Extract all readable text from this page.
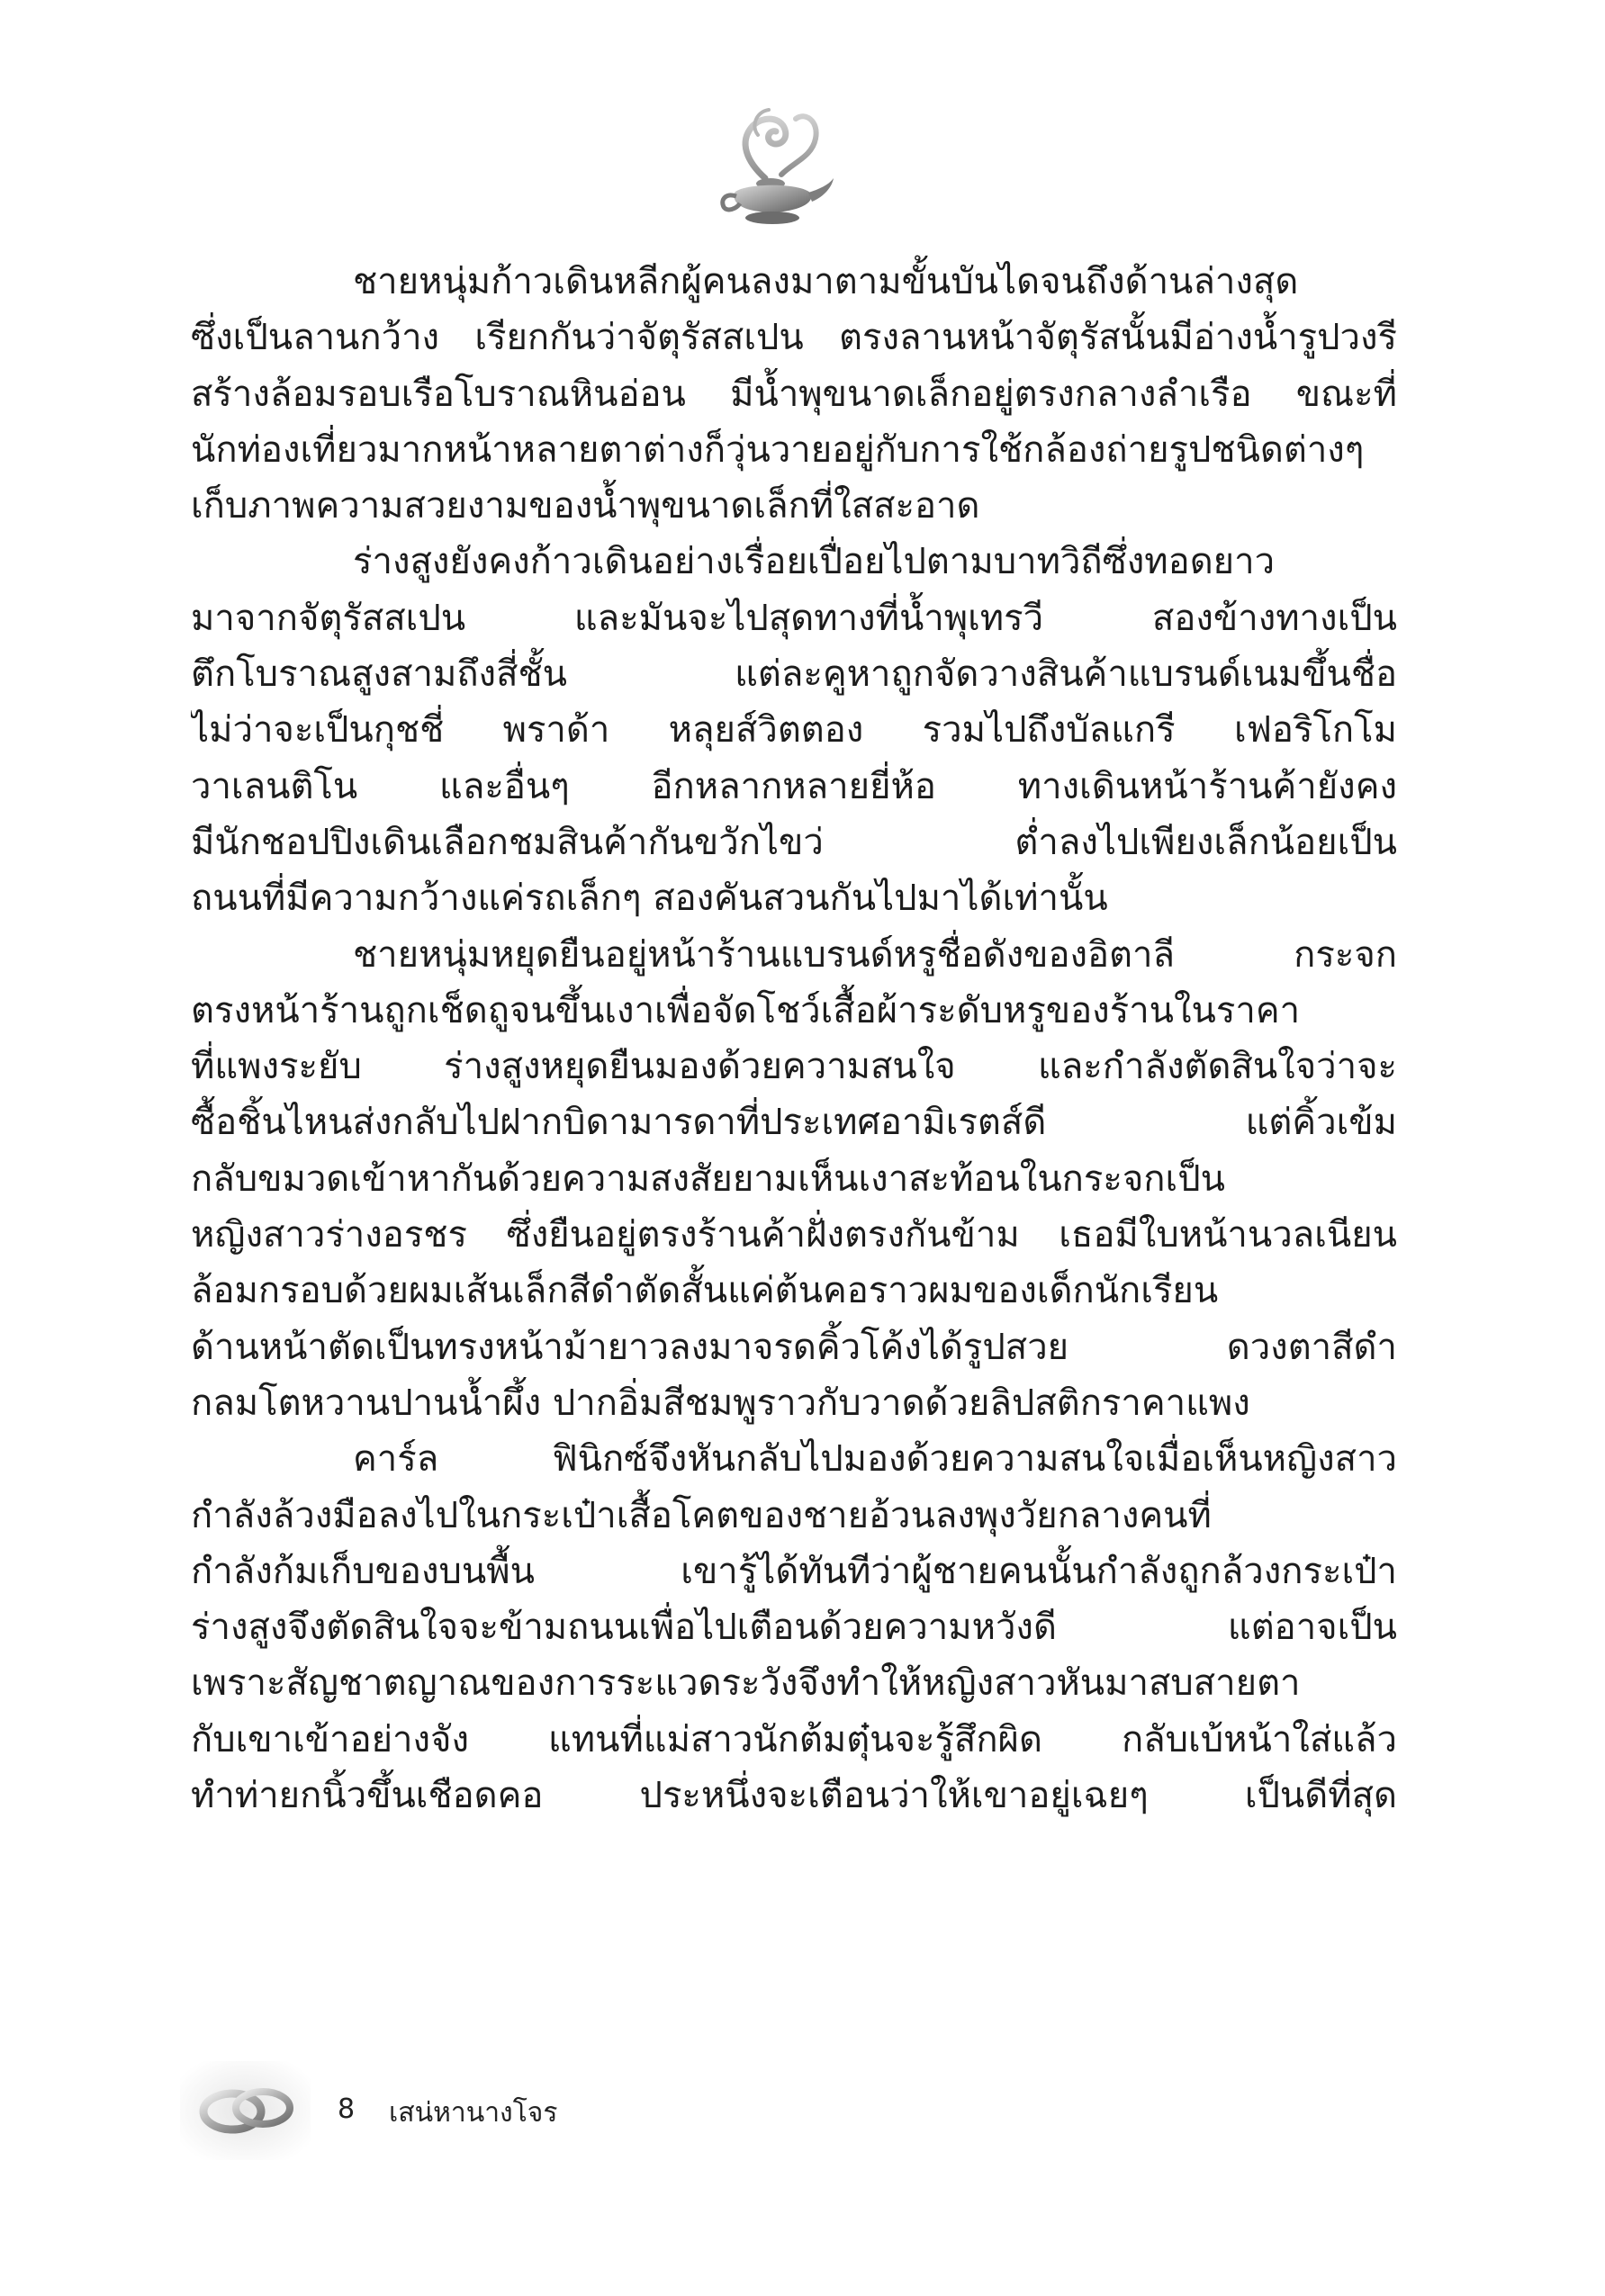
ชายหนุ่มก้าวเดินหลีกผู้คนลงมาตามขั้นบันไดจนถึงด้านล่างสุด
ซึ่งเป็นลานกว้าง เรียกกันว่าจัตุรัสสเปน ตรงลานหน้าจัตุรัสนั้นมีอ่างน้ำรูปวงรี
สร้างล้อมรอบเรือโบราณหินอ่อน มีน้ำพุขนาดเล็กอยู่ตรงกลางลำเรือ ขณะที่
นักท่องเที่ยวมากหน้าหลายตาต่างก็วุ่นวายอยู่กับการใช้กล้องถ่ายรูปชนิดต่างๆ
เก็บภาพความสวยงามของน้ำพุขนาดเล็กที่ใสสะอาด
ร่างสูงยังคงก้าวเดินอย่างเรื่อยเปื่อยไปตามบาทวิถีซึ่งทอดยาว
มาจากจัตุรัสสเปน และมันจะไปสุดทางที่น้ำพุเทรวี สองข้างทางเป็น
ตึกโบราณสูงสามถึงสี่ชั้น แต่ละคูหาถูกจัดวางสินค้าแบรนด์เนมขึ้นชื่อ
ไม่ว่าจะเป็นกุชชี่ พราด้า หลุยส์วิตตอง รวมไปถึงบัลแกรี เฟอริโกโม
วาเลนติโน และอื่นๆ อีกหลากหลายยี่ห้อ ทางเดินหน้าร้านค้ายังคง
มีนักชอปปิงเดินเลือกชมสินค้ากันขวักไขว่ ต่ำลงไปเพียงเล็กน้อยเป็น
ถนนที่มีความกว้างแค่รถเล็กๆ สองคันสวนกันไปมาได้เท่านั้น
ชายหนุ่มหยุดยืนอยู่หน้าร้านแบรนด์หรูชื่อดังของอิตาลี กระจก
ตรงหน้าร้านถูกเช็ดถูจนขึ้นเงาเพื่อจัดโชว์เสื้อผ้าระดับหรูของร้านในราคา
ที่แพงระยับ ร่างสูงหยุดยืนมองด้วยความสนใจ และกำลังตัดสินใจว่าจะ
ซื้อชิ้นไหนส่งกลับไปฝากบิดามารดาที่ประเทศอามิเรตส์ดี แต่คิ้วเข้ม
กลับขมวดเข้าหากันด้วยความสงสัยยามเห็นเงาสะท้อนในกระจกเป็น
หญิงสาวร่างอรชร ซึ่งยืนอยู่ตรงร้านค้าฝั่งตรงกันข้าม เธอมีใบหน้านวลเนียน
ล้อมกรอบด้วยผมเส้นเล็กสีดำตัดสั้นแค่ต้นคอราวผมของเด็กนักเรียน
ด้านหน้าตัดเป็นทรงหน้าม้ายาวลงมาจรดคิ้วโค้งได้รูปสวย ดวงตาสีดำ
กลมโตหวานปานน้ำผึ้ง ปากอิ่มสีชมพูราวกับวาดด้วยลิปสติกราคาแพง
คาร์ล ฟินิกซ์จึงหันกลับไปมองด้วยความสนใจเมื่อเห็นหญิงสาว
กำลังล้วงมือลงไปในกระเป๋าเสื้อโคตของชายอ้วนลงพุงวัยกลางคนที่
กำลังก้มเก็บของบนพื้น เขารู้ได้ทันทีว่าผู้ชายคนนั้นกำลังถูกล้วงกระเป๋า
ร่างสูงจึงตัดสินใจจะข้ามถนนเพื่อไปเตือนด้วยความหวังดี แต่อาจเป็น
เพราะสัญชาตญาณของการระแวดระวังจึงทำให้หญิงสาวหันมาสบสายตา
กับเขาเข้าอย่างจัง แทนที่แม่สาวนักต้มตุ๋นจะรู้สึกผิด กลับเบ้หน้าใส่แล้ว
ทำท่ายกนิ้วขึ้นเชือดคอ ประหนึ่งจะเตือนว่าให้เขาอยู่เฉยๆ เป็นดีที่สุด
8 เสน่หานางโจร
